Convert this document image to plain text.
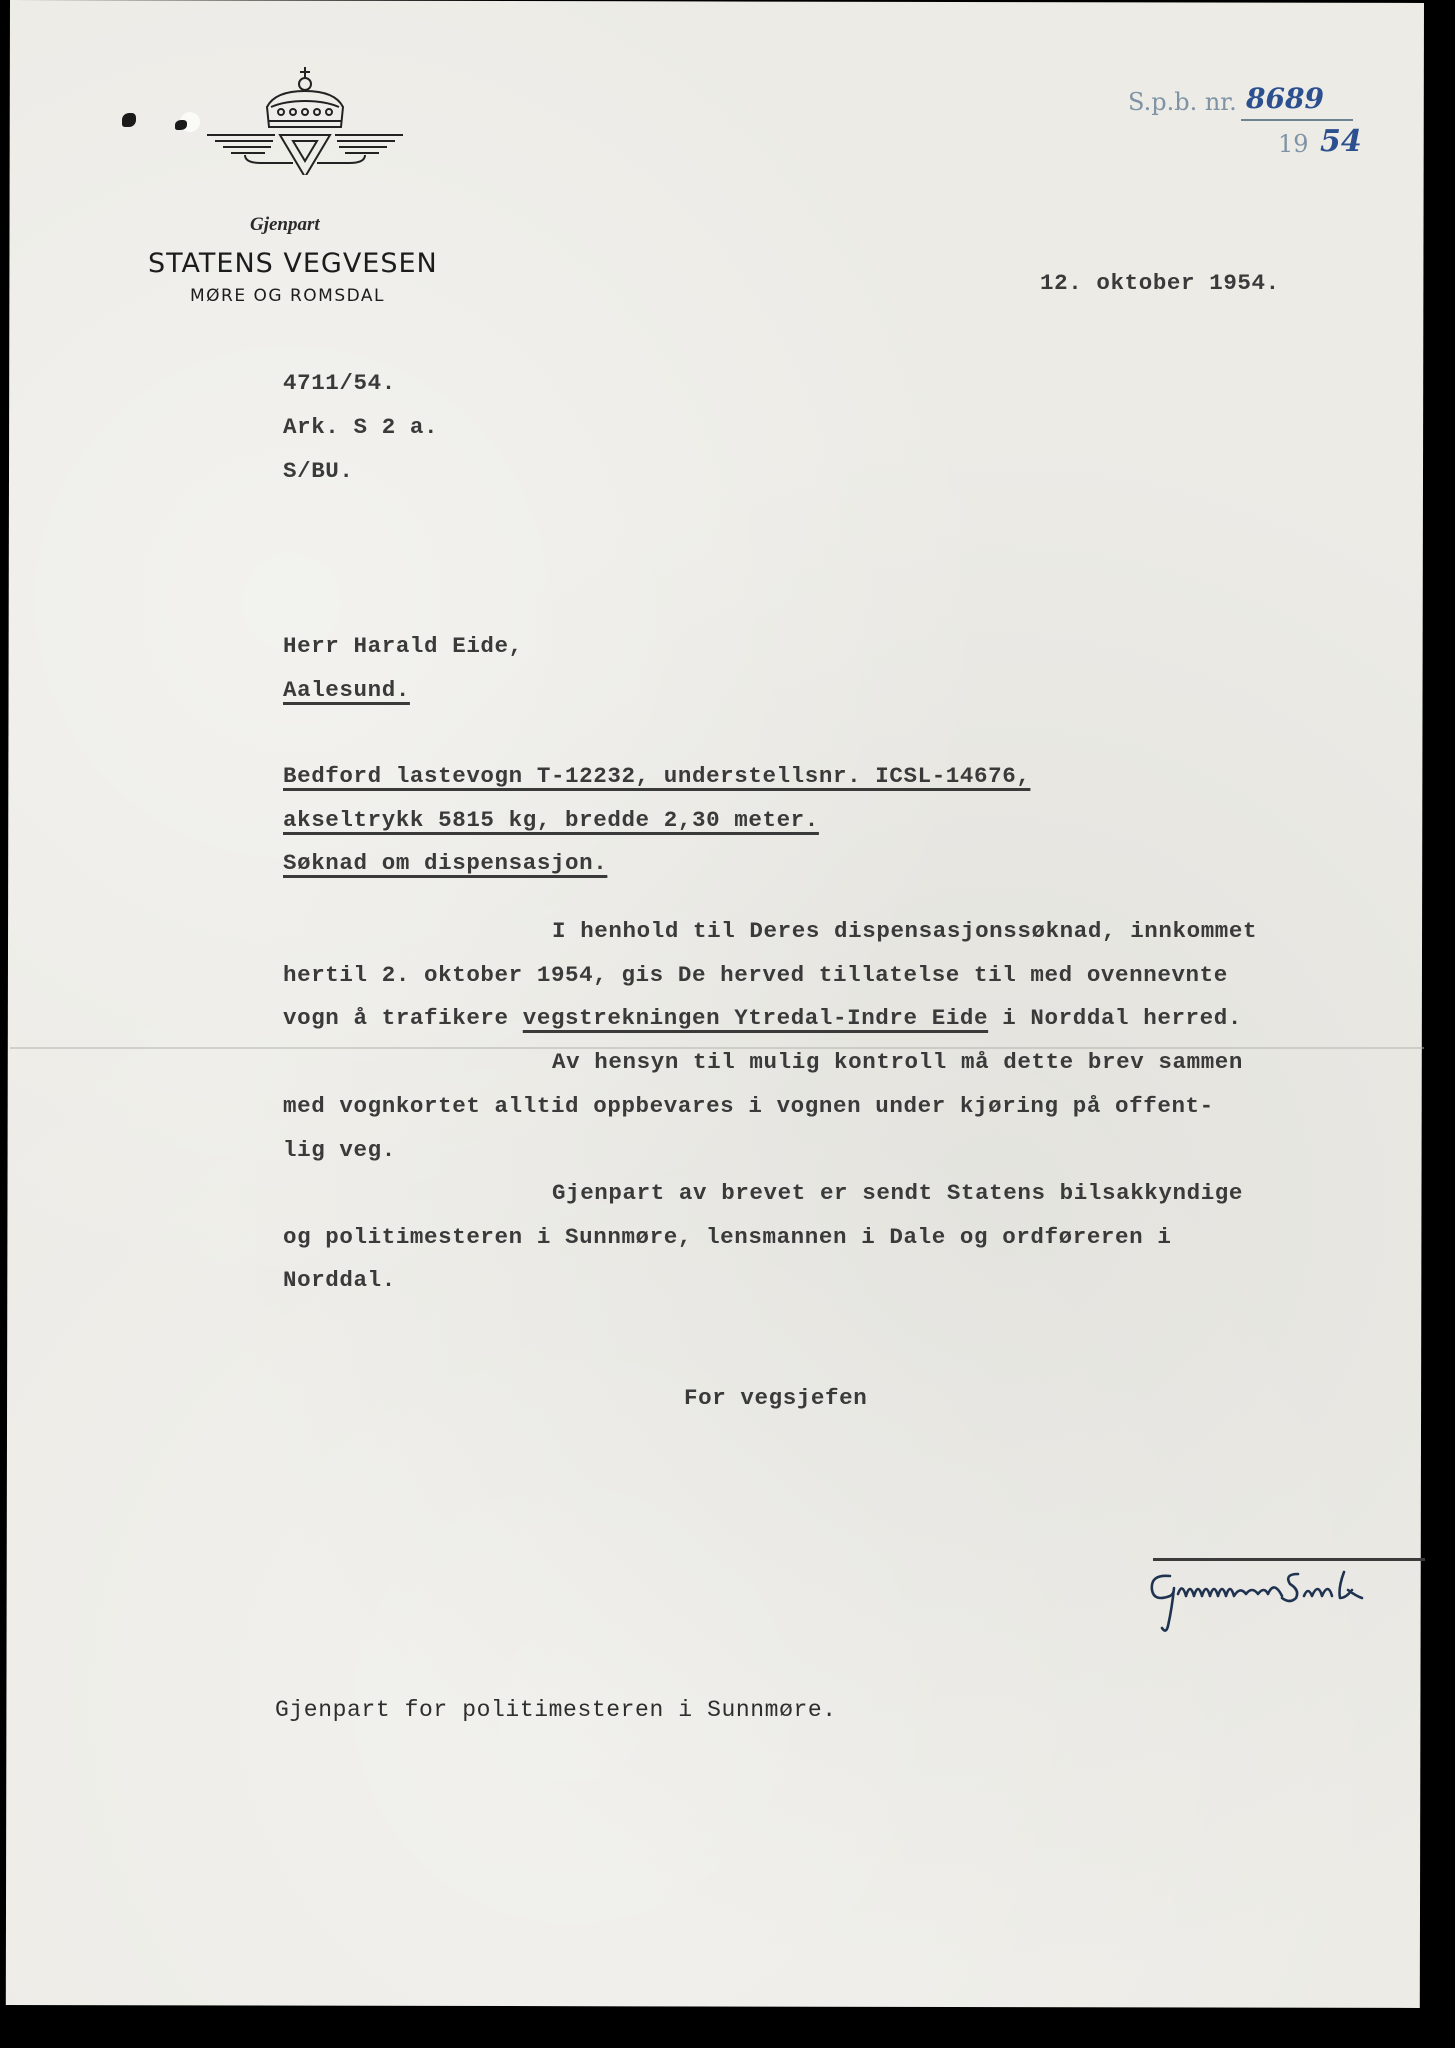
Gjenpart
STATENS VEGVESEN
MØRE OG ROMSDAL
S.p.b. nr. 8689
19 54
12. oktober 1954.
4711/54.
Ark. S 2 a.
S/BU.
Herr Harald Eide,
Aalesund.
Bedford lastevogn T-12232, understellsnr. ICSL-14676,
akseltrykk 5815 kg, bredde 2,30 meter.
Søknad om dispensasjon.
I henhold til Deres dispensasjonssøknad, innkommet
hertil 2. oktober 1954, gis De herved tillatelse til med ovennevnte
vogn å trafikere vegstrekningen Ytredal-Indre Eide i Norddal herred.
Av hensyn til mulig kontroll må dette brev sammen
med vognkortet alltid oppbevares i vognen under kjøring på offent-
lig veg.
Gjenpart av brevet er sendt Statens bilsakkyndige
og politimesteren i Sunnmøre, lensmannen i Dale og ordføreren i
Norddal.
For vegsjefen
Gjenpart for politimesteren i Sunnmøre.
